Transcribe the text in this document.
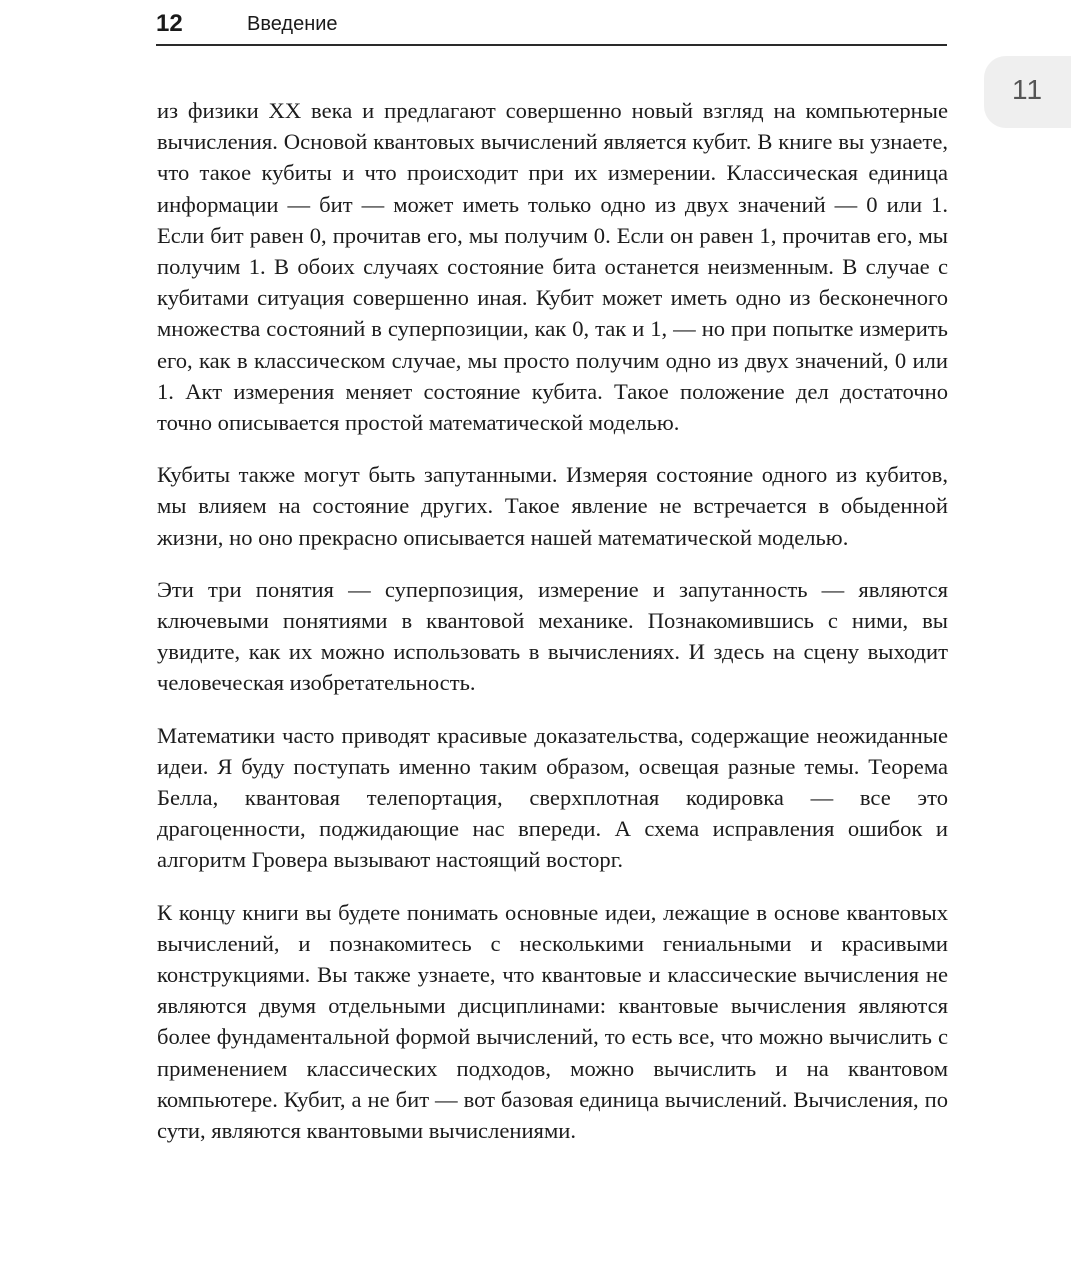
12	Введение
11

из физики XX века и предлагают совершенно новый взгляд на компьютерные вычисления. Основой квантовых вычислений является кубит. В книге вы узнаете, что такое кубиты и что происходит при их измерении. Классическая единица информации — бит — может иметь только одно из двух значений — 0 или 1. Если бит равен 0, прочитав его, мы получим 0. Если он равен 1, прочитав его, мы получим 1. В обоих случаях состояние бита останется неизменным. В случае с кубитами ситуация совершенно иная. Кубит может иметь одно из бесконечного множества состояний в суперпозиции, как 0, так и 1, — но при попытке измерить его, как в классическом случае, мы просто получим одно из двух значений, 0 или 1. Акт измерения меняет состояние кубита. Такое положение дел достаточно точно описывается простой математической моделью.

Кубиты также могут быть запутанными. Измеряя состояние одного из кубитов, мы влияем на состояние других. Такое явление не встречается в обыденной жизни, но оно прекрасно описывается нашей математической моделью.

Эти три понятия — суперпозиция, измерение и запутанность — являются ключевыми понятиями в квантовой механике. Познакомившись с ними, вы увидите, как их можно использовать в вычислениях. И здесь на сцену выходит человеческая изобретательность.

Математики часто приводят красивые доказательства, содержащие неожиданные идеи. Я буду поступать именно таким образом, освещая разные темы. Теорема Белла, квантовая телепортация, сверхплотная кодировка — все это драгоценности, поджидающие нас впереди. А схема исправления ошибок и алгоритм Гровера вызывают настоящий восторг.

К концу книги вы будете понимать основные идеи, лежащие в основе квантовых вычислений, и познакомитесь с несколькими гениальными и красивыми конструкциями. Вы также узнаете, что квантовые и классические вычисления не являются двумя отдельными дисциплинами: квантовые вычисления являются более фундаментальной формой вычислений, то есть все, что можно вычислить с применением классических подходов, можно вычислить и на квантовом компьютере. Кубит, а не бит — вот базовая единица вычислений. Вычисления, по сути, являются квантовыми вычислениями.
